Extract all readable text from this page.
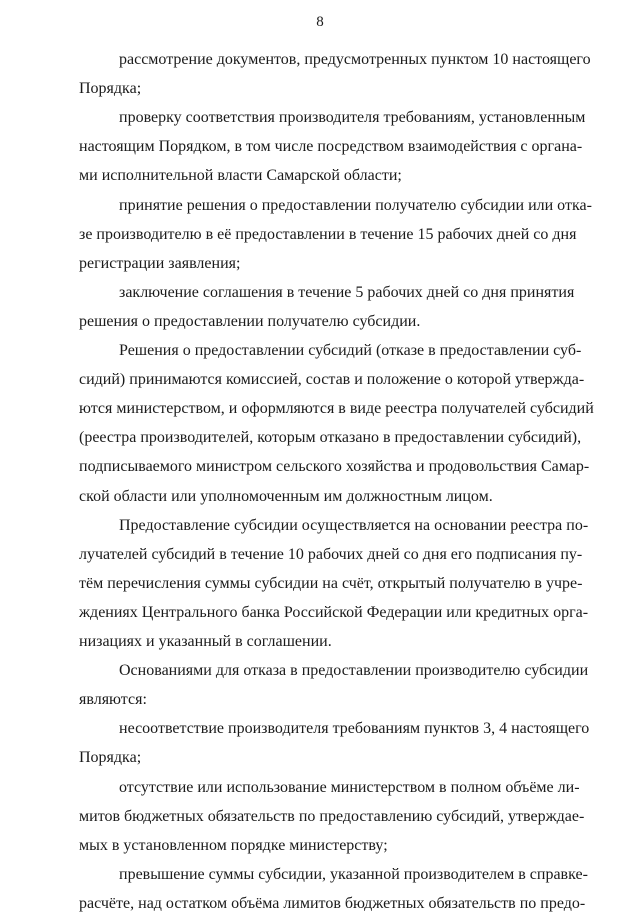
8
рассмотрение документов, предусмотренных пунктом 10 настоящего
Порядка;
проверку соответствия производителя требованиям, установленным
настоящим Порядком, в том числе посредством взаимодействия с органа-
ми исполнительной власти Самарской области;
принятие решения о предоставлении получателю субсидии или отка-
зе производителю в её предоставлении в течение 15 рабочих дней со дня
регистрации заявления;
заключение соглашения в течение 5 рабочих дней со дня принятия
решения о предоставлении получателю субсидии.
Решения о предоставлении субсидий (отказе в предоставлении суб-
сидий) принимаются комиссией, состав и положение о которой утвержда-
ются министерством, и оформляются в виде реестра получателей субсидий
(реестра производителей, которым отказано в предоставлении субсидий),
подписываемого министром сельского хозяйства и продовольствия Самар-
ской области или уполномоченным им должностным лицом.
Предоставление субсидии осуществляется на основании реестра по-
лучателей субсидий в течение 10 рабочих дней со дня его подписания пу-
тём перечисления суммы субсидии на счёт, открытый получателю в учре-
ждениях Центрального банка Российской Федерации или кредитных орга-
низациях и указанный в соглашении.
Основаниями для отказа в предоставлении производителю субсидии
являются:
несоответствие производителя требованиям пунктов 3, 4 настоящего
Порядка;
отсутствие или использование министерством в полном объёме ли-
митов бюджетных обязательств по предоставлению субсидий, утверждае-
мых в установленном порядке министерству;
превышение суммы субсидии, указанной производителем в справке-
расчёте, над остатком объёма лимитов бюджетных обязательств по предо-
